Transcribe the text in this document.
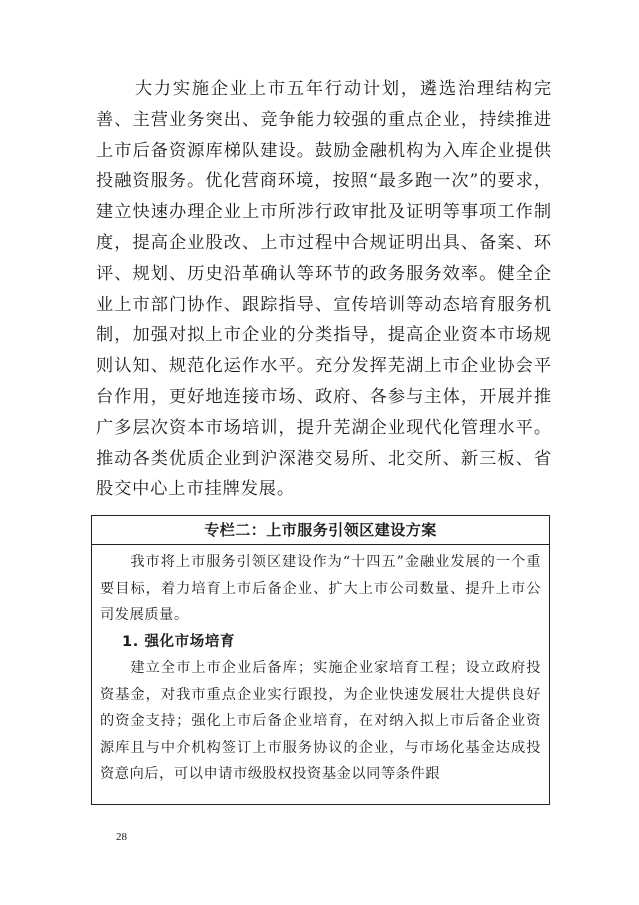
大力实施企业上市五年行动计划，遴选治理结构完善、主营业务突出、竞争能力较强的重点企业，持续推进上市后备资源库梯队建设。鼓励金融机构为入库企业提供投融资服务。优化营商环境，按照“最多跑一次”的要求，建立快速办理企业上市所涉行政审批及证明等事项工作制度，提高企业股改、上市过程中合规证明出具、备案、环评、规划、历史沿革确认等环节的政务服务效率。健全企业上市部门协作、跟踪指导、宣传培训等动态培育服务机制，加强对拟上市企业的分类指导，提高企业资本市场规则认知、规范化运作水平。充分发挥芜湖上市企业协会平台作用，更好地连接市场、政府、各参与主体，开展并推广多层次资本市场培训，提升芜湖企业现代化管理水平。推动各类优质企业到沪深港交易所、北交所、新三板、省股交中心上市挂牌发展。

专栏二：上市服务引领区建设方案

我市将上市服务引领区建设作为“十四五”金融业发展的一个重要目标，着力培育上市后备企业、扩大上市公司数量、提升上市公司发展质量。

1. 强化市场培育

建立全市上市企业后备库；实施企业家培育工程；设立政府投资基金，对我市重点企业实行跟投，为企业快速发展壮大提供良好的资金支持；强化上市后备企业培育，在对纳入拟上市后备企业资源库且与中介机构签订上市服务协议的企业，与市场化基金达成投资意向后，可以申请市级股权投资基金以同等条件跟

28
